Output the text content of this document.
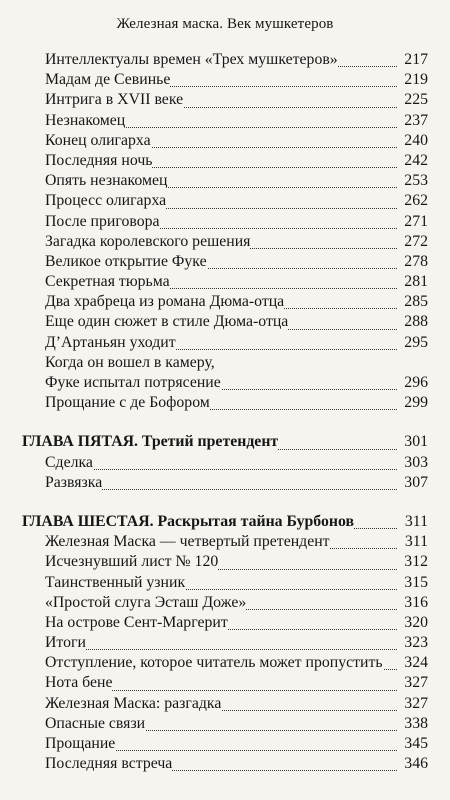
Железная маска. Век мушкетеров
Интеллектуалы времен «Трех мушкетеров»	217
Мадам де Севинье	219
Интрига в XVII веке	225
Незнакомец	237
Конец олигарха	240
Последняя ночь	242
Опять незнакомец	253
Процесс олигарха	262
После приговора	271
Загадка королевского решения	272
Великое открытие Фуке	278
Секретная тюрьма	281
Два храбреца из романа Дюма-отца	285
Еще один сюжет в стиле Дюма-отца	288
Д’Артаньян уходит	295
Когда он вошел в камеру,
Фуке испытал потрясение	296
Прощание с де Бофором	299
ГЛАВА ПЯТАЯ. Третий претендент	301
Сделка	303
Развязка	307
ГЛАВА ШЕСТАЯ. Раскрытая тайна Бурбонов	311
Железная Маска — четвертый претендент	311
Исчезнувший лист № 120	312
Таинственный узник	315
«Простой слуга Эсташ Доже»	316
На острове Сент-Маргерит	320
Итоги	323
Отступление, которое читатель может пропустить 324
Нота бене	327
Железная Маска: разгадка	327
Опасные связи	338
Прощание	345
Последняя встреча	346
